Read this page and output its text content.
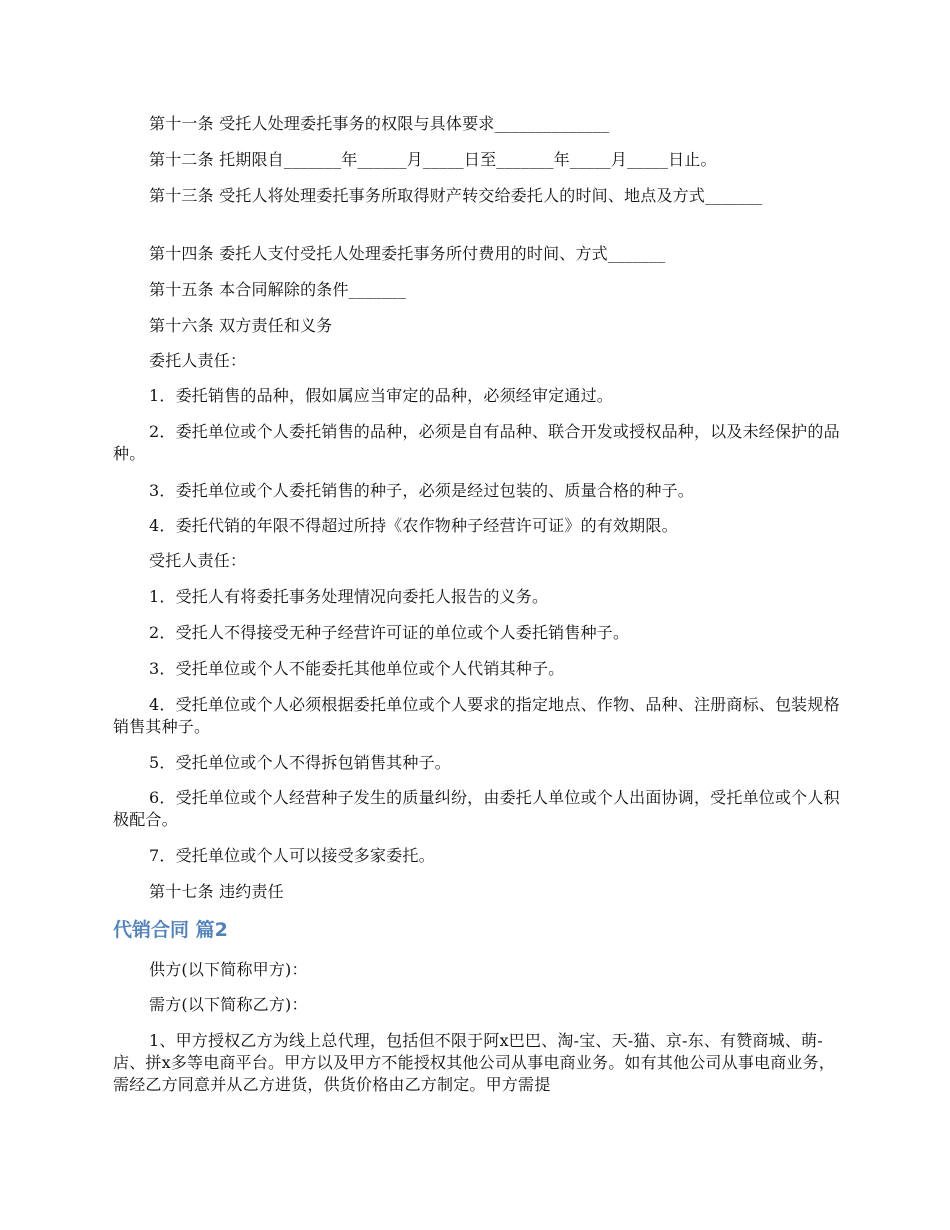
第十一条 受托人处理委托事务的权限与具体要求______________

第十二条 托期限自_______年______月_____日至_______年_____月_____日止。

第十三条 受托人将处理委托事务所取得财产转交给委托人的时间、地点及方式_______

第十四条 委托人支付受托人处理委托事务所付费用的时间、方式_______

第十五条 本合同解除的条件_______

第十六条 双方责任和义务

委托人责任：

1．委托销售的品种，假如属应当审定的品种，必须经审定通过。

2．委托单位或个人委托销售的品种，必须是自有品种、联合开发或授权品种，以及未经保护的品种。

3．委托单位或个人委托销售的种子，必须是经过包装的、质量合格的种子。

4．委托代销的年限不得超过所持《农作物种子经营许可证》的有效期限。

受托人责任：

1．受托人有将委托事务处理情况向委托人报告的义务。

2．受托人不得接受无种子经营许可证的单位或个人委托销售种子。

3．受托单位或个人不能委托其他单位或个人代销其种子。

4．受托单位或个人必须根据委托单位或个人要求的指定地点、作物、品种、注册商标、包装规格销售其种子。

5．受托单位或个人不得拆包销售其种子。

6．受托单位或个人经营种子发生的质量纠纷，由委托人单位或个人出面协调，受托单位或个人积极配合。

7．受托单位或个人可以接受多家委托。

第十七条 违约责任

代销合同 篇2

供方(以下简称甲方)：

需方(以下简称乙方)：

1、甲方授权乙方为线上总代理，包括但不限于阿x巴巴、淘-宝、天-猫、京-东、有赞商城、萌-店、拼x多等电商平台。甲方以及甲方不能授权其他公司从事电商业务。如有其他公司从事电商业务，需经乙方同意并从乙方进货，供货价格由乙方制定。甲方需提
